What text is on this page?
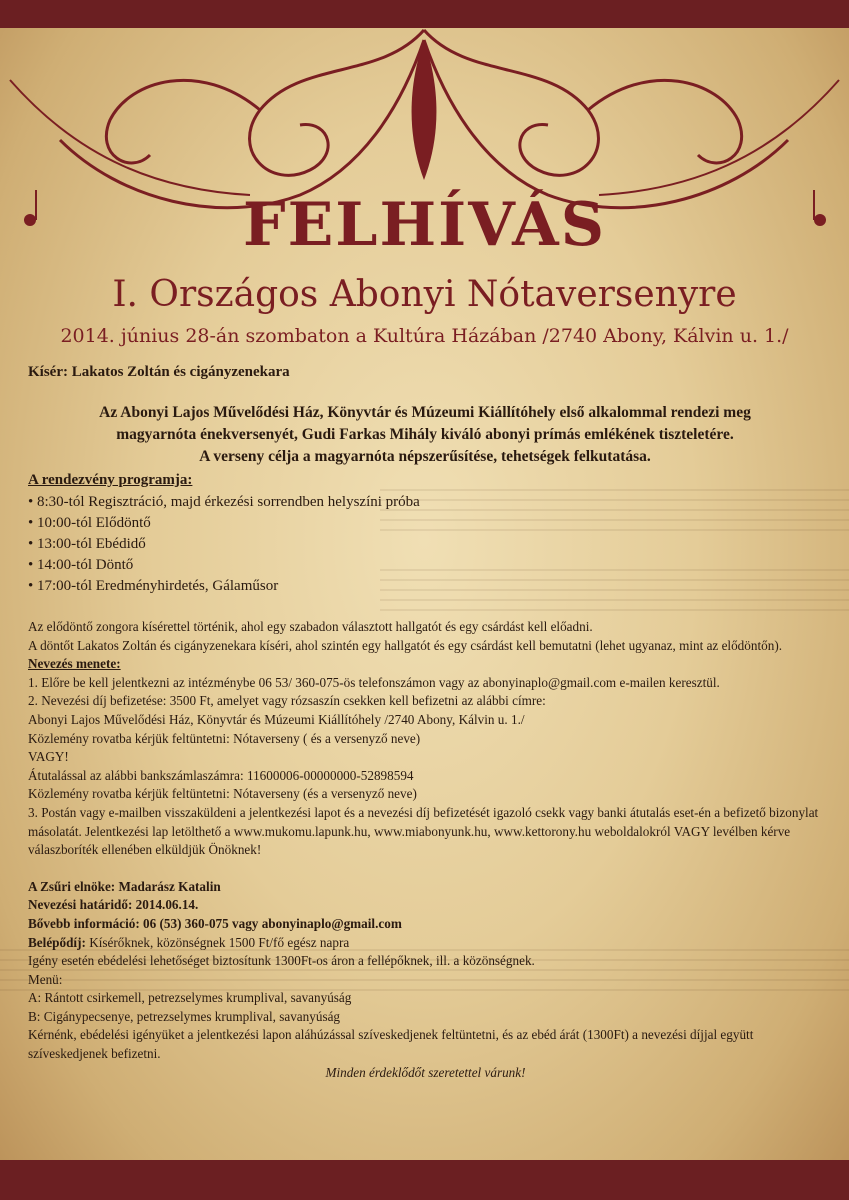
FELHÍVÁS
I. Országos Abonyi Nótaversenyre
2014. június 28-án szombaton a Kultúra Házában /2740 Abony, Kálvin u. 1./
Kísér: Lakatos Zoltán és cigányzenekara
Az Abonyi Lajos Művelődési Ház, Könyvtár és Múzeumi Kiállítóhely első alkalommal rendezi meg
magyarnóta énekversenyét, Gudi Farkas Mihály kiváló abonyi prímás emlékének tiszteletére.
A verseny célja a magyarnóta népszerűsítése, tehetségek felkutatása.
A rendezvény programja:
• 8:30-tól Regisztráció, majd érkezési sorrendben helyszíni próba
• 10:00-tól Elődöntő
• 13:00-tól Ebédidő
• 14:00-tól Döntő
• 17:00-tól Eredményhirdetés, Gálaműsor

Az elődöntő zongora kísérettel történik, ahol egy szabadon választott hallgatót és egy csárdást kell előadni.

A döntőt Lakatos Zoltán és cigányzenekara kíséri, ahol szintén egy hallgatót és egy csárdást kell bemutatni (lehet ugyanaz, mint az elődöntőn).

Nevezés menete:

1. Előre be kell jelentkezni az intézménybe 06 53/ 360-075-ös telefonszámon vagy az abonyinaplo@gmail.com e-mailen keresztül.

2. Nevezési díj befizetése: 3500 Ft, amelyet vagy rózsaszín csekken kell befizetni az alábbi címre:

Abonyi Lajos Művelődési Ház, Könyvtár és Múzeumi Kiállítóhely /2740 Abony, Kálvin u. 1./

Közlemény rovatba kérjük feltüntetni: Nótaverseny ( és a versenyző neve)

VAGY!

Átutalással az alábbi bankszámlaszámra: 11600006-00000000-52898594

Közlemény rovatba kérjük feltüntetni: Nótaverseny (és a versenyző neve)

3. Postán vagy e-mailben visszaküldeni a jelentkezési lapot és a nevezési díj befizetését igazoló csekk vagy banki átutalás eset-én a befizető bizonylat másolatát. Jelentkezési lap letölthető a www.mukomu.lapunk.hu, www.miabonyunk.hu, www.kettorony.hu weboldalokról VAGY levélben kérve válaszboríték ellenében elküldjük Önöknek!

A Zsűri elnöke: Madarász Katalin

Nevezési határidő: 2014.06.14.

Bővebb információ: 06 (53) 360-075 vagy abonyinaplo@gmail.com

Belépődíj: Kísérőknek, közönségnek 1500 Ft/fő egész napra

Igény esetén ebédelési lehetőséget biztosítunk 1300Ft-os áron a fellépőknek, ill. a közönségnek.

Menü:

A: Rántott csirkemell, petrezselymes krumplival, savanyúság

B: Cigánypecsenye, petrezselymes krumplival, savanyúság

Kérnénk, ebédelési igényüket a jelentkezési lapon aláhúzással szíveskedjenek feltüntetni, és az ebéd árát (1300Ft) a nevezési díjjal együtt szíveskedjenek befizetni.

Minden érdeklődőt szeretettel várunk!
